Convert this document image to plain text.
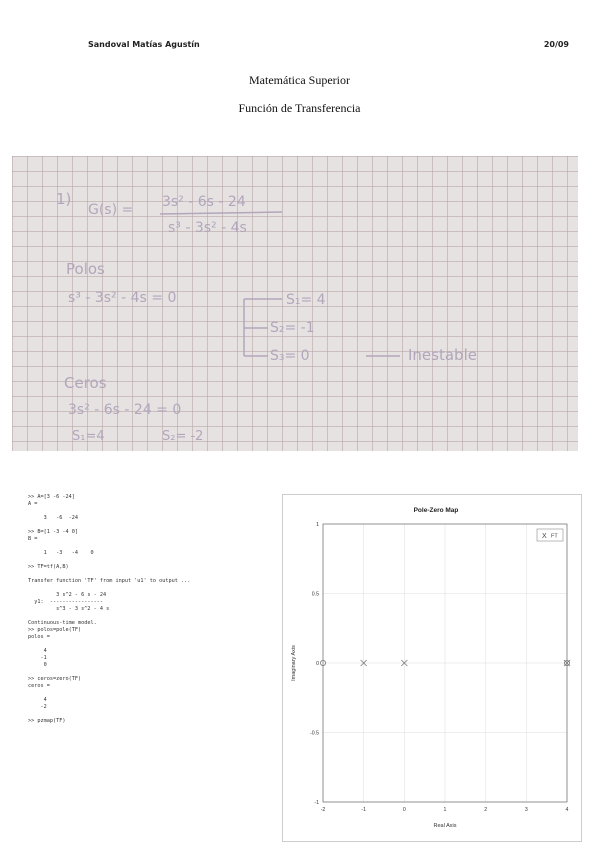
Sandoval Matías Agustín	20/09
Matemática Superior
Función de Transferencia
1)
G(s) = 3s² - 6s - 24
s³ - 3s² - 4s
Polos
s³ - 3s² - 4s = 0	S₁= 4
S₂= -1
S₃= 0	Inestable
Ceros
3s² - 6s - 24 = 0
S₁=4	S₂= -2
>> A=[3 -6 -24]
A =
3   -6  -24
>> B=[1 -3 -4 0]
B =
1   -3   -4    0
>> TF=tf(A,B)
Transfer function 'TF' from input 'u1' to output ...
3 s^2 - 6 s - 24
y1:  -----------------
s^3 - 3 s^2 - 4 s
Continuous-time model.
>> polos=pole(TF)
polos =
4
-1
0
>> ceros=zero(TF)
ceros =
4
-2
>> pzmap(TF)
Pole-Zero Map
-2	-1	0	1	2	3	4
1
0.5
0
-0.5
-1
Real Axis
Imaginary Axis
X FT
